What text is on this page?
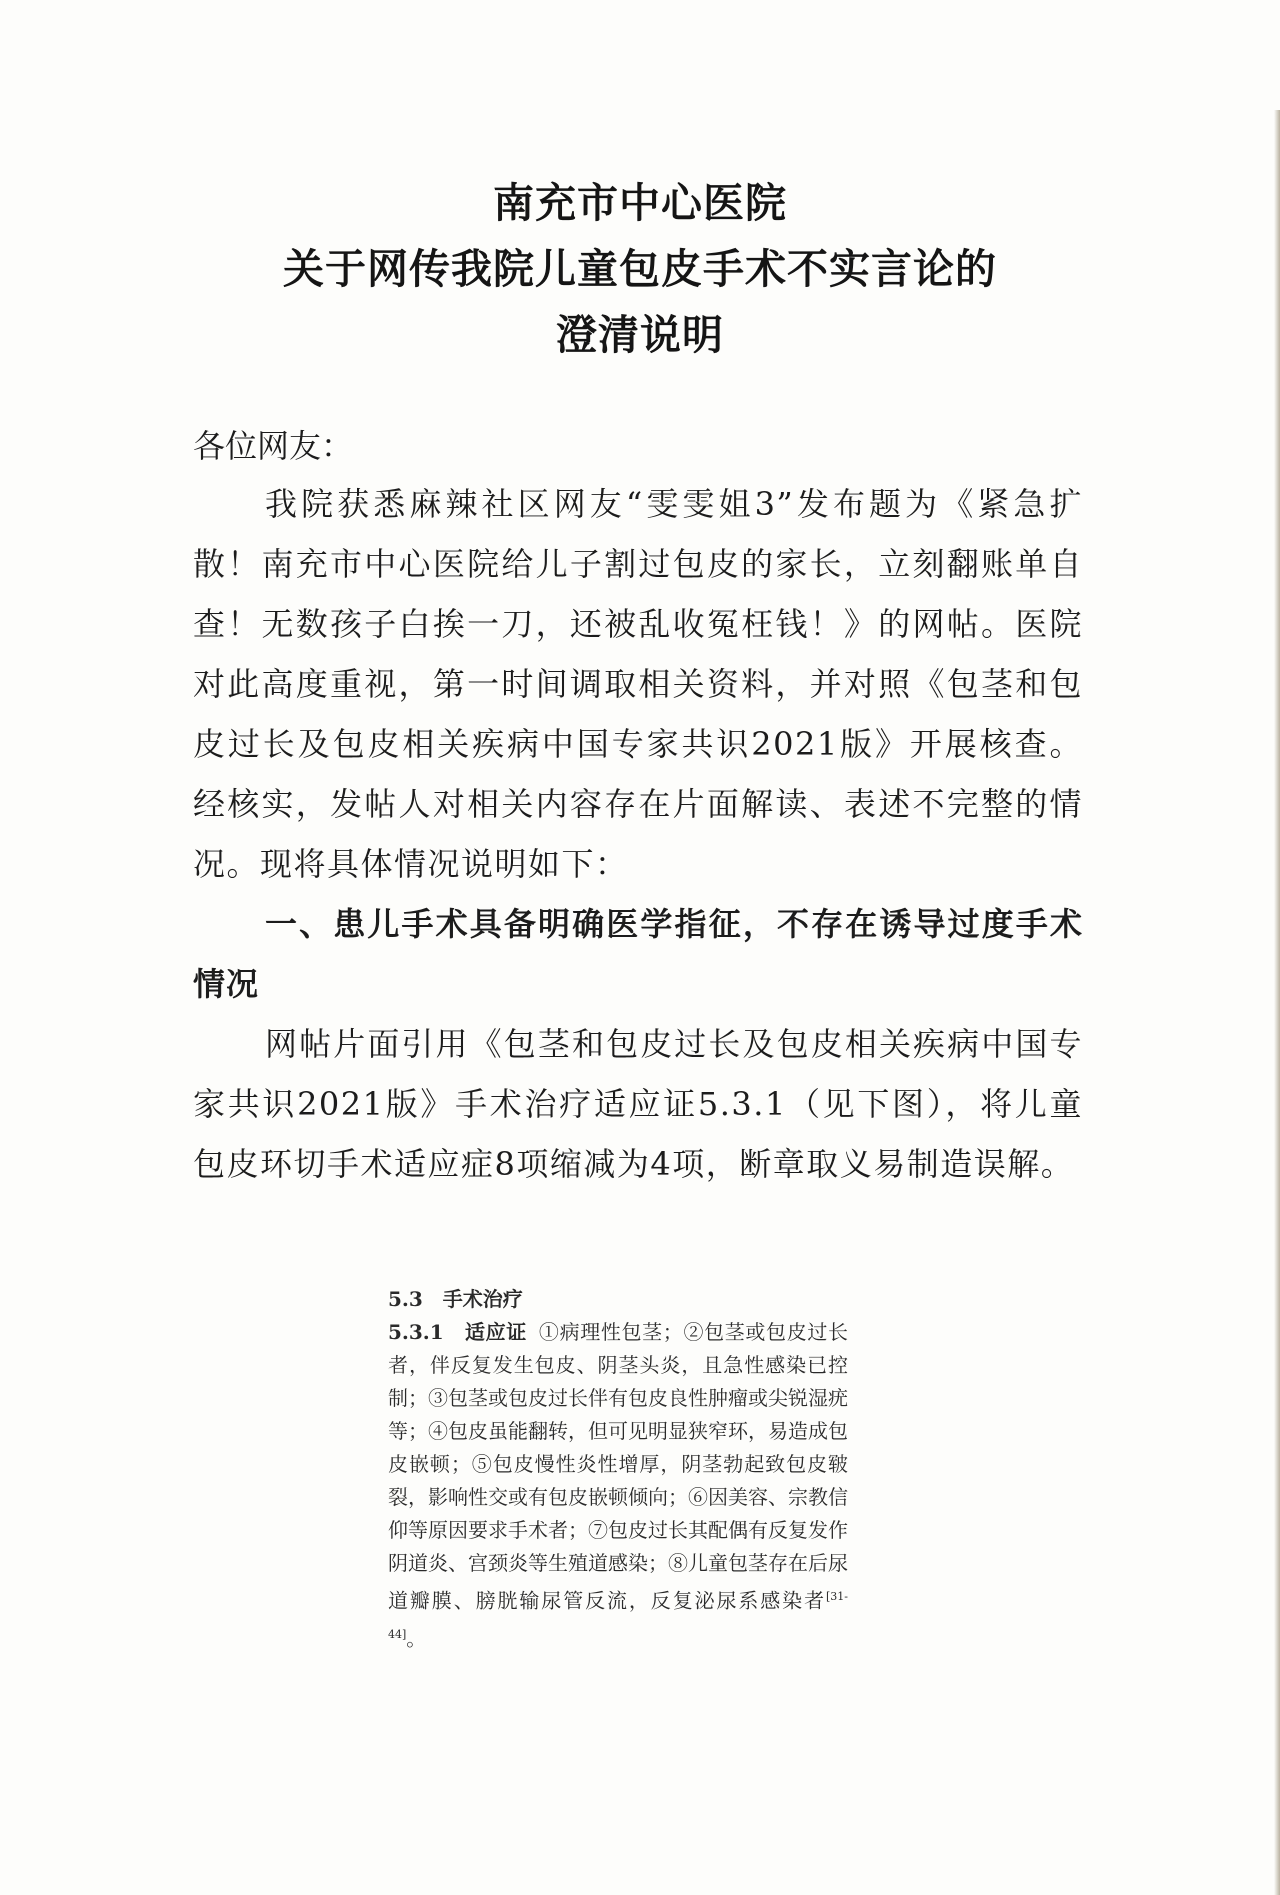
南充市中心医院
关于网传我院儿童包皮手术不实言论的
澄清说明
各位网友：

我院获悉麻辣社区网友“雯雯姐3”发布题为《紧急扩散！南充市中心医院给儿子割过包皮的家长，立刻翻账单自查！无数孩子白挨一刀，还被乱收冤枉钱！》的网帖。医院对此高度重视，第一时间调取相关资料，并对照《包茎和包皮过长及包皮相关疾病中国专家共识2021版》开展核查。经核实，发帖人对相关内容存在片面解读、表述不完整的情况。现将具体情况说明如下：

一、患儿手术具备明确医学指征，不存在诱导过度手术情况

网帖片面引用《包茎和包皮过长及包皮相关疾病中国专家共识2021版》手术治疗适应证5.3.1（见下图），将儿童包皮环切手术适应症8项缩减为4项，断章取义易制造误解。

5.3　手术治疗
5.3.1　适应证 ①病理性包茎；②包茎或包皮过长者，伴反复发生包皮、阴茎头炎，且急性感染已控制；③包茎或包皮过长伴有包皮良性肿瘤或尖锐湿疣等；④包皮虽能翻转，但可见明显狭窄环，易造成包皮嵌顿；⑤包皮慢性炎性增厚，阴茎勃起致包皮皲裂，影响性交或有包皮嵌顿倾向；⑥因美容、宗教信仰等原因要求手术者；⑦包皮过长其配偶有反复发作阴道炎、宫颈炎等生殖道感染；⑧儿童包茎存在后尿道瓣膜、膀胱输尿管反流，反复泌尿系感染者[31-44]。
